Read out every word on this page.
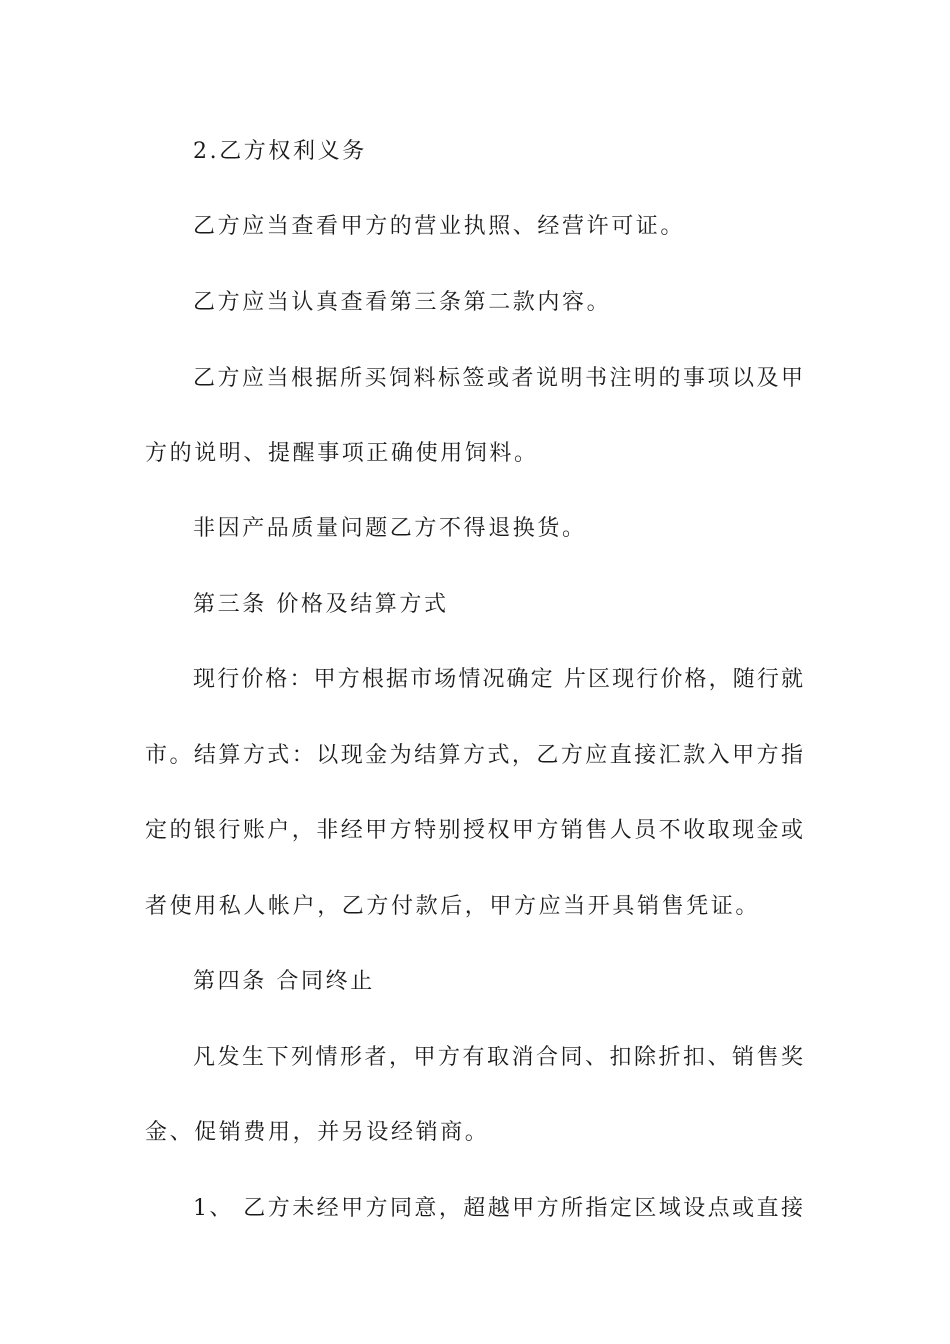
2.乙方权利义务
乙方应当查看甲方的营业执照、经营许可证。
乙方应当认真查看第三条第二款内容。
乙方应当根据所买饲料标签或者说明书注明的事项以及甲
方的说明、提醒事项正确使用饲料。
非因产品质量问题乙方不得退换货。
第三条 价格及结算方式
现行价格：甲方根据市场情况确定 片区现行价格，随行就
市。结算方式：以现金为结算方式，乙方应直接汇款入甲方指
定的银行账户，非经甲方特别授权甲方销售人员不收取现金或
者使用私人帐户，乙方付款后，甲方应当开具销售凭证。
第四条 合同终止
凡发生下列情形者，甲方有取消合同、扣除折扣、销售奖
金、促销费用，并另设经销商。
1、 乙方未经甲方同意，超越甲方所指定区域设点或直接
